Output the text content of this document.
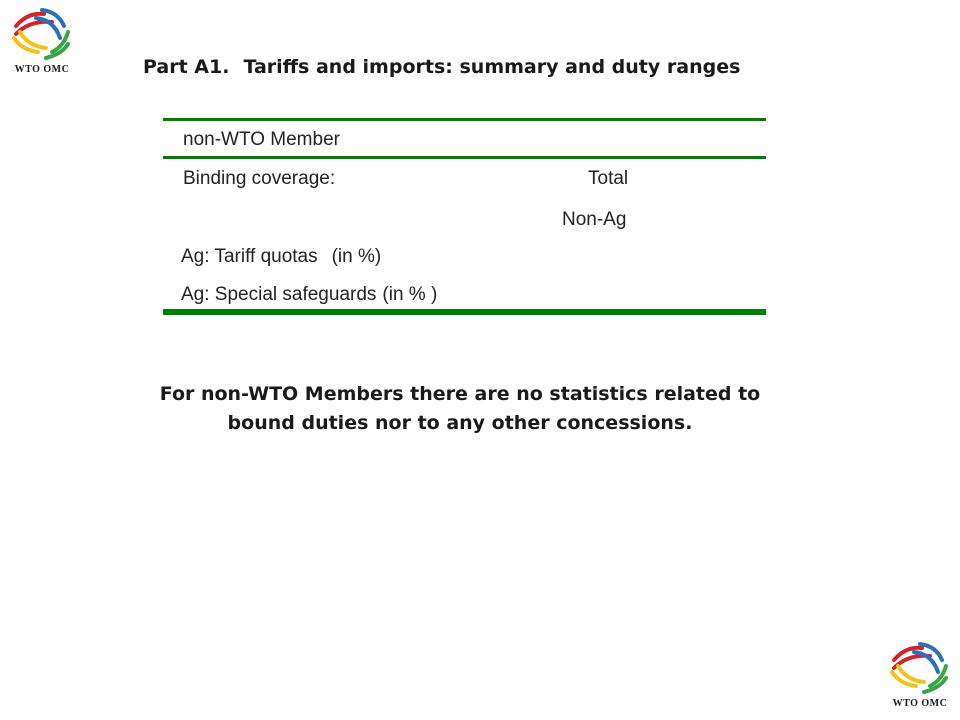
WTO OMC	Part A1. Tariffs and imports: summary and duty ranges
non-WTO Member
Binding coverage:	Total
Non-Ag
Ag: Tariff quotas (in %)
Ag: Special safeguards (in % )
For non-WTO Members there are no statistics related to
bound duties nor to any other concessions.
WTO OMC
